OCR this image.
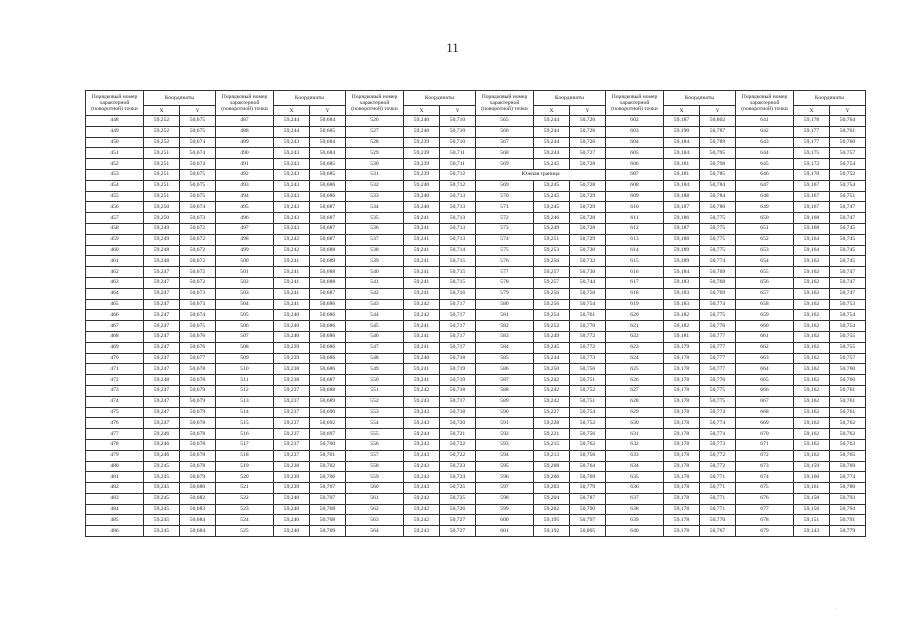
11
Порядковый номер характерной (поворотной) точки	Координаты		Порядковый номер характерной (поворотной) точки	Координаты		Порядковый номер характерной (поворотной) точки	Координаты		Порядковый номер характерной (поворотной) точки	Координаты		Порядковый номер характерной (поворотной) точки	Координаты		Порядковый номер характерной (поворотной) точки	Координаты	
	X	Y		X	Y		X	Y		X	Y		X	Y		X	Y
448	59,252	50,675	487	59,244	50,684	526	59,240	50,710	565	59,244	50,726	602	59,187	50,802	641	59,178	50,764
449	59,252	50,675	488	59,244	50,685	527	59,240	50,710	566	59,244	50,726	603	59,190	50,787	642	59,177	50,761
450	59,252	50,674	489	59,243	50,684	528	59,239	50,710	567	59,244	50,726	604	59,184	50,789	643	59,177	50,760
451	59,251	50,674	490	59,243	50,684	529	59,239	50,711	568	59,244	50,727	605	59,184	50,795	644	59,175	50,757
452	59,251	50,674	491	59,243	50,685	530	59,239	50,711	569	59,245	50,728	606	59,181	50,798	645	59,172	50,754
453	59,251	50,675	492	59,243	50,685	531	59,239	50,712	Южная граница			607	59,181	50,785	646	59,170	50,752
454	59,251	50,675	493	59,243	50,686	532	59,240	50,712	569	59,245	50,728	608	59,184	50,784	647	59,167	50,754
455	59,251	50,675	494	59,243	50,686	533	59,240	50,713	570	59,245	50,729	609	59,188	50,784	648	59,167	50,751
456	59,250	50,674	495	59,243	50,687	534	59,240	50,713	571	59,245	50,729	610	59,187	50,780	649	59,167	50,747
457	59,250	50,673	496	59,243	50,687	535	59,241	50,713	572	59,246	50,728	611	59,186	50,775	650	59,168	50,747
458	59,249	50,672	497	59,243	50,687	536	59,241	50,713	573	59,249	50,728	612	59,187	50,775	651	59,168	50,745
459	59,249	50,672	498	59,242	50,687	537	59,241	50,713	574	59,251	50,729	613	59,188	50,775	652	59,164	50,745
460	59,248	50,672	499	59,242	50,688	538	59,241	50,714	575	59,253	50,730	614	59,189	50,775	653	59,164	50,745
461	59,248	50,672	500	59,241	50,689	539	59,241	50,715	576	59,256	50,732	615	59,189	50,774	654	59,162	50,745
462	59,247	50,672	501	59,241	50,688	540	59,241	50,715	577	59,257	50,736	616	59,184	50,769	655	59,162	50,747
463	59,247	50,672	502	59,241	50,688	541	59,241	50,715	578	59,257	50,744	617	59,183	50,768	656	59,162	50,747
464	59,247	50,673	503	59,241	50,687	542	59,241	50,716	579	59,256	50,750	618	59,183	50,769	657	59,162	50,747
465	59,247	50,673	504	59,241	50,686	543	59,242	50,717	580	59,256	50,754	619	59,183	50,774	658	59,162	50,753
466	59,247	50,674	505	59,240	50,686	544	59,242	50,717	581	59,254	50,761	620	59,182	50,775	659	59,162	50,754
467	59,247	50,675	506	59,240	50,686	545	59,241	50,717	582	59,252	50,770	621	59,182	50,776	660	59,162	50,754
468	59,247	50,676	507	59,240	50,686	546	59,241	50,717	583	59,249	50,772	622	59,181	50,777	661	59,162	50,755
469	59,247	50,676	508	59,239	50,686	547	59,241	50,717	584	59,245	50,772	623	59,179	50,777	662	59,162	50,755
470	59,247	50,677	509	59,239	50,686	548	59,240	50,718	585	59,244	50,773	624	59,178	50,777	663	59,162	50,757
471	59,247	50,678	510	59,238	50,686	549	59,241	50,719	586	59,250	50,756	625	59,178	50,777	664	59,162	50,760
472	59,248	50,678	511	59,238	50,687	550	59,241	50,719	587	59,242	50,751	626	59,178	50,776	665	59,162	50,760
473	59,247	50,679	512	59,237	50,688	551	59,242	50,718	588	59,242	50,752	627	59,178	50,775	666	59,162	50,761
474	59,247	50,679	513	59,237	50,689	552	59,243	50,717	589	59,242	50,751	628	59,178	50,775	667	59,162	50,761
475	59,247	50,679	514	59,237	50,690	553	59,243	50,718	590	59,227	50,754	629	59,178	50,774	668	59,162	50,761
476	59,247	50,678	515	59,237	50,692	554	59,243	50,720	591	59,228	50,752	630	59,178	50,774	669	59,162	50,762
477	59,246	50,678	516	59,237	50,697	555	59,244	50,721	592	59,221	50,756	631	59,178	50,774	670	59,162	50,762
478	59,246	50,678	517	59,237	50,700	556	59,243	50,722	593	59,215	50,762	632	59,178	50,773	671	59,162	50,763
479	59,246	50,678	518	59,237	50,701	557	59,243	50,722	594	59,213	50,756	633	59,178	50,772	672	59,162	50,765
480	59,245	50,678	519	59,238	50,702	558	59,243	50,723	595	59,208	50,764	634	59,178	50,772	673	59,159	50,769
481	59,245	50,679	520	59,239	50,706	559	59,243	50,724	596	59,206	50,769	635	59,178	50,771	674	59,160	50,774
482	59,245	50,680	521	59,239	50,707	560	59,243	50,725	597	59,203	50,779	636	59,178	50,771	675	59,161	50,786
483	59,245	50,682	522	59,240	50,707	561	59,242	50,725	598	59,204	50,787	637	59,178	50,771	676	59,158	50,793
484	59,245	50,683	523	59,240	50,708	562	59,242	50,726	599	59,202	50,790	638	59,178	50,771	677	59,156	50,794
485	59,245	50,684	524	59,240	50,708	563	59,242	50,727	600	59,195	50,797	639	59,178	50,770	678	59,151	50,791
486	59,245	50,684	525	59,240	50,709	564	59,243	50,727	601	59,192	50,805	640	59,178	50,767	679	59,143	50,779
·
